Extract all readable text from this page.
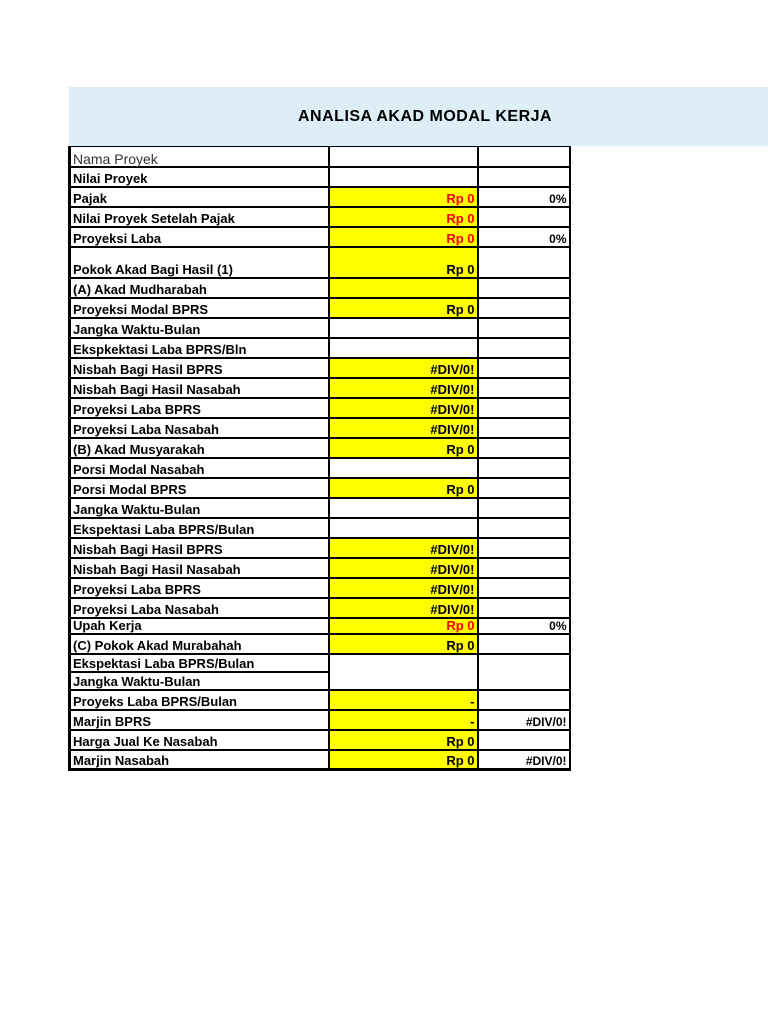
ANALISA AKAD MODAL KERJA
Nama Proyek		
Nilai Proyek		
Pajak	Rp 0	0%
Nilai Proyek Setelah Pajak	Rp 0	
Proyeksi Laba	Rp 0	0%
Pokok Akad Bagi Hasil (1)	Rp 0	
(A) Akad Mudharabah		
Proyeksi Modal BPRS	Rp 0	
Jangka Waktu-Bulan		
Ekspkektasi Laba BPRS/Bln		
Nisbah Bagi Hasil BPRS	#DIV/0!	
Nisbah Bagi Hasil Nasabah	#DIV/0!	
Proyeksi Laba BPRS	#DIV/0!	
Proyeksi Laba Nasabah	#DIV/0!	
(B) Akad Musyarakah	Rp 0	
Porsi Modal Nasabah		
Porsi Modal BPRS	Rp 0	
Jangka Waktu-Bulan		
Ekspektasi Laba BPRS/Bulan		
Nisbah Bagi Hasil BPRS	#DIV/0!	
Nisbah Bagi Hasil Nasabah	#DIV/0!	
Proyeksi Laba BPRS	#DIV/0!	
Proyeksi Laba Nasabah	#DIV/0!	
Upah Kerja	Rp 0	0%
(C) Pokok Akad Murabahah	Rp 0	
Ekspektasi Laba BPRS/Bulan		
Jangka Waktu-Bulan		
Proyeks Laba BPRS/Bulan	-	
Marjin BPRS	-	#DIV/0!
Harga Jual Ke Nasabah	Rp 0	
Marjin Nasabah	Rp 0	#DIV/0!
